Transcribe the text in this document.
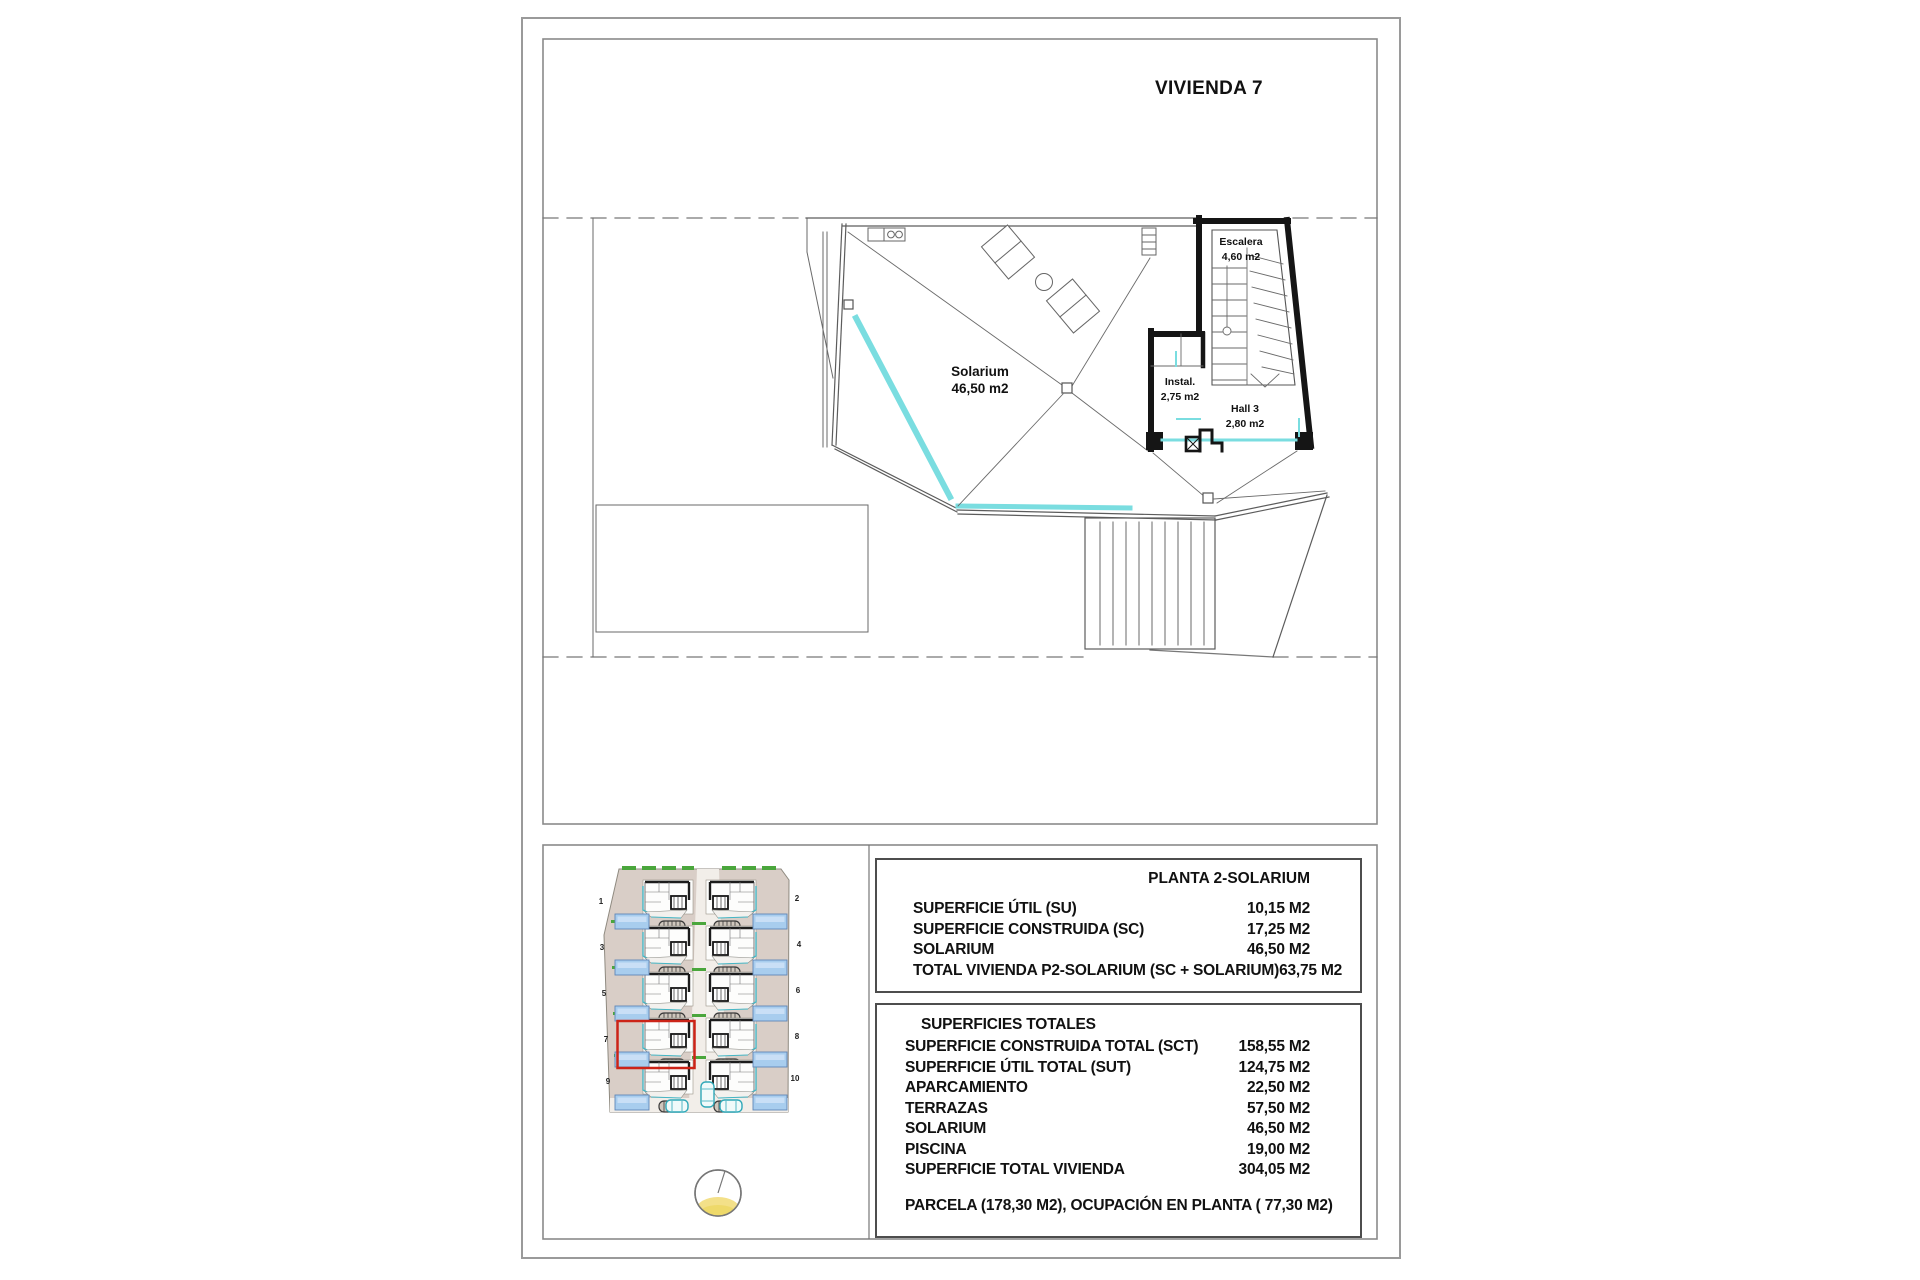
Solarium
46,50 m2
Escalera
4,60 m2
Instal.
2,75 m2
Hall 3
2,80 m2
1	2
3	4
5	6
7	8
9	10
VIVIENDA 7
PLANTA 2-SOLARIUM
SUPERFICIE ÚTIL (SU)	10,15 M2
SUPERFICIE CONSTRUIDA (SC)	17,25 M2
SOLARIUM	46,50 M2
TOTAL VIVIENDA P2-SOLARIUM (SC + SOLARIUM) 63,75 M2
SUPERFICIES TOTALES
SUPERFICIE CONSTRUIDA TOTAL (SCT)	158,55 M2
SUPERFICIE ÚTIL TOTAL (SUT)	124,75 M2
APARCAMIENTO	22,50 M2
TERRAZAS	57,50 M2
SOLARIUM	46,50 M2
PISCINA	19,00 M2
SUPERFICIE TOTAL VIVIENDA	304,05 M2
PARCELA (178,30 M2), OCUPACIÓN EN PLANTA ( 77,30 M2)
